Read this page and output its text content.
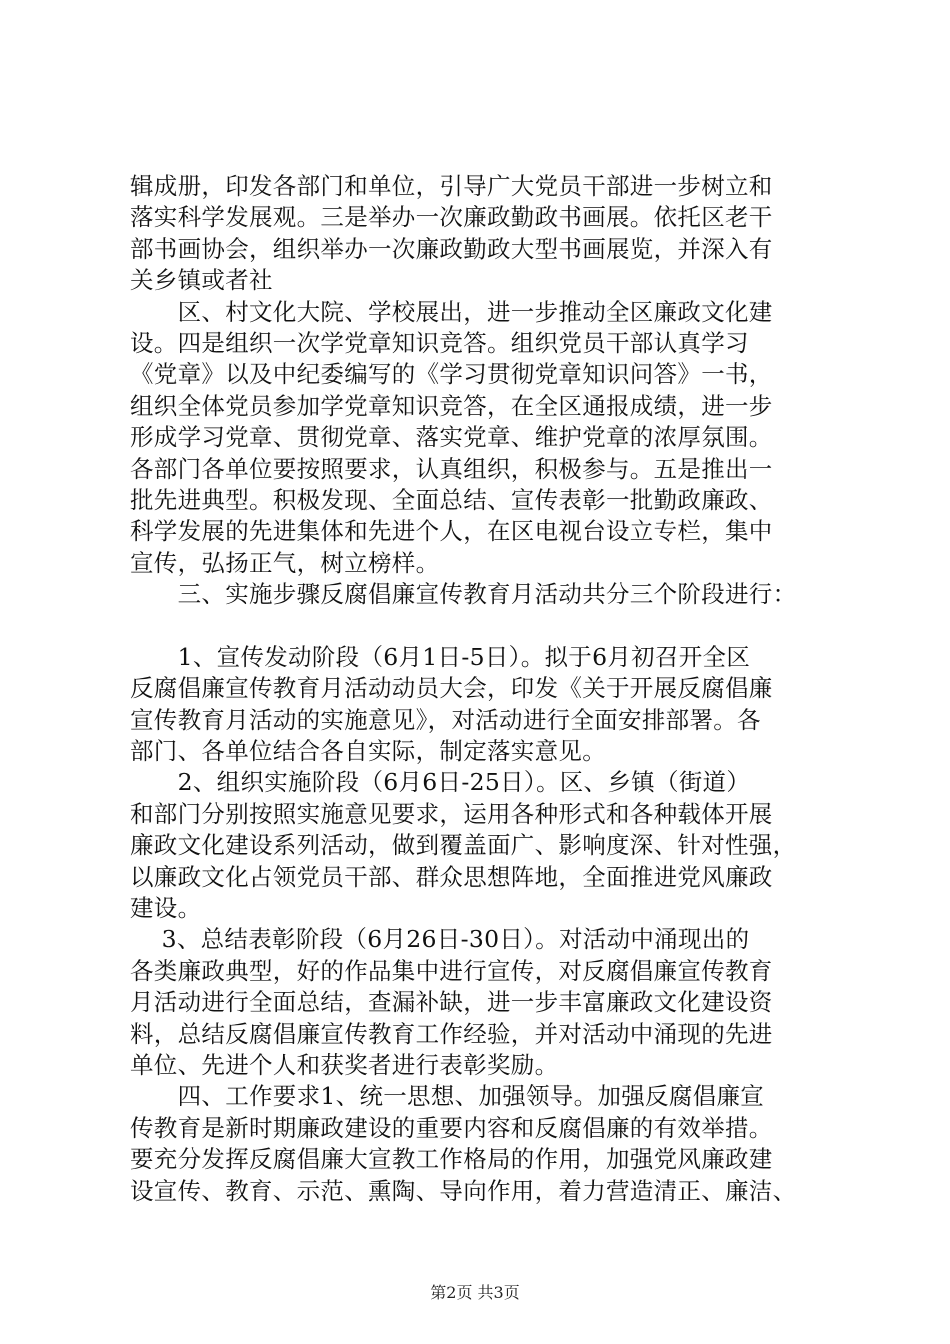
辑成册，印发各部门和单位，引导广大党员干部进一步树立和

落实科学发展观。三是举办一次廉政勤政书画展。依托区老干

部书画协会，组织举办一次廉政勤政大型书画展览，并深入有

关乡镇或者社

　　区、村文化大院、学校展出，进一步推动全区廉政文化建

设。四是组织一次学党章知识竞答。组织党员干部认真学习

《党章》以及中纪委编写的《学习贯彻党章知识问答》一书，

组织全体党员参加学党章知识竞答，在全区通报成绩，进一步

形成学习党章、贯彻党章、落实党章、维护党章的浓厚氛围。

各部门各单位要按照要求，认真组织，积极参与。五是推出一

批先进典型。积极发现、全面总结、宣传表彰一批勤政廉政、

科学发展的先进集体和先进个人，在区电视台设立专栏，集中

宣传，弘扬正气，树立榜样。

　　三、实施步骤反腐倡廉宣传教育月活动共分三个阶段进行：

　　1、宣传发动阶段（6月1日-5日）。拟于6月初召开全区

反腐倡廉宣传教育月活动动员大会，印发《关于开展反腐倡廉

宣传教育月活动的实施意见》，对活动进行全面安排部署。各

部门、各单位结合各自实际，制定落实意见。

　　2、组织实施阶段（6月6日-25日）。区、乡镇（街道）

和部门分别按照实施意见要求，运用各种形式和各种载体开展

廉政文化建设系列活动，做到覆盖面广、影响度深、针对性强，

以廉政文化占领党员干部、群众思想阵地，全面推进党风廉政

建设。

　 3、总结表彰阶段（6月26日-30日）。对活动中涌现出的

各类廉政典型，好的作品集中进行宣传，对反腐倡廉宣传教育

月活动进行全面总结，查漏补缺，进一步丰富廉政文化建设资

料，总结反腐倡廉宣传教育工作经验，并对活动中涌现的先进

单位、先进个人和获奖者进行表彰奖励。

　　四、工作要求1、统一思想、加强领导。加强反腐倡廉宣

传教育是新时期廉政建设的重要内容和反腐倡廉的有效举措。

要充分发挥反腐倡廉大宣教工作格局的作用，加强党风廉政建

设宣传、教育、示范、熏陶、导向作用，着力营造清正、廉洁、

第2页 共3页
